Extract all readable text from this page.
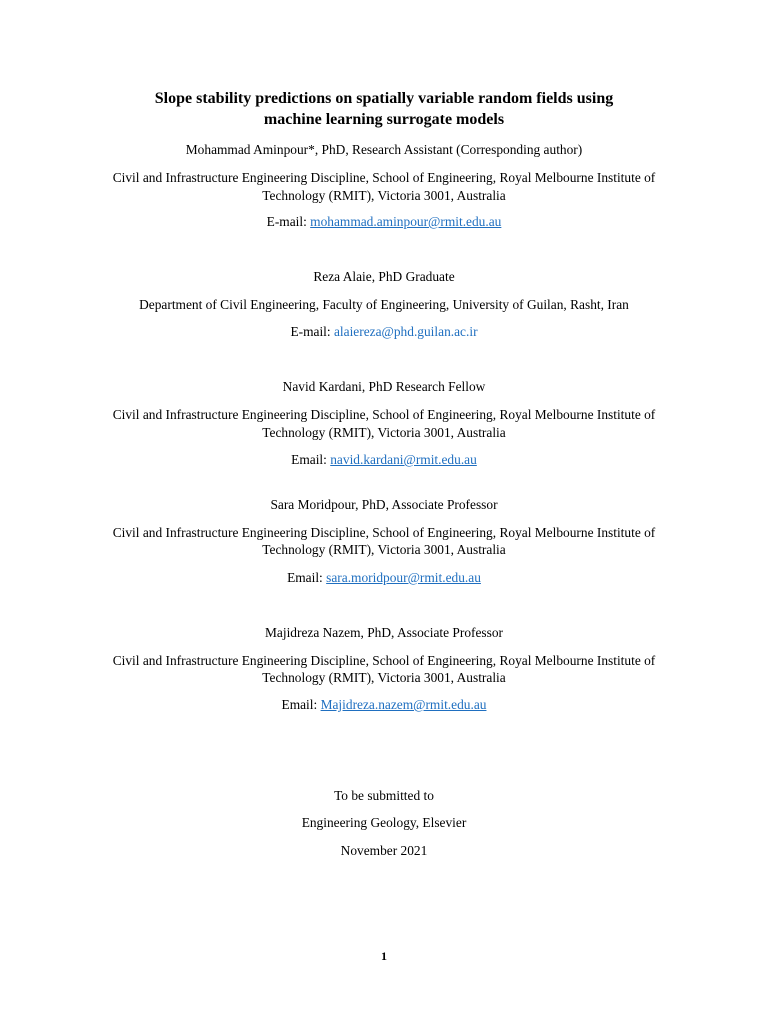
Slope stability predictions on spatially variable random fields using
machine learning surrogate models
Mohammad Aminpour*, PhD, Research Assistant (Corresponding author)
Civil and Infrastructure Engineering Discipline, School of Engineering, Royal Melbourne Institute of
Technology (RMIT), Victoria 3001, Australia
E-mail: mohammad.aminpour@rmit.edu.au
Reza Alaie, PhD Graduate
Department of Civil Engineering, Faculty of Engineering, University of Guilan, Rasht, Iran
E-mail: alaiereza@phd.guilan.ac.ir
Navid Kardani, PhD Research Fellow
Civil and Infrastructure Engineering Discipline, School of Engineering, Royal Melbourne Institute of
Technology (RMIT), Victoria 3001, Australia
Email: navid.kardani@rmit.edu.au
Sara Moridpour, PhD, Associate Professor
Civil and Infrastructure Engineering Discipline, School of Engineering, Royal Melbourne Institute of
Technology (RMIT), Victoria 3001, Australia
Email: sara.moridpour@rmit.edu.au
Majidreza Nazem, PhD, Associate Professor
Civil and Infrastructure Engineering Discipline, School of Engineering, Royal Melbourne Institute of
Technology (RMIT), Victoria 3001, Australia
Email: Majidreza.nazem@rmit.edu.au
To be submitted to
Engineering Geology, Elsevier
November 2021
1
